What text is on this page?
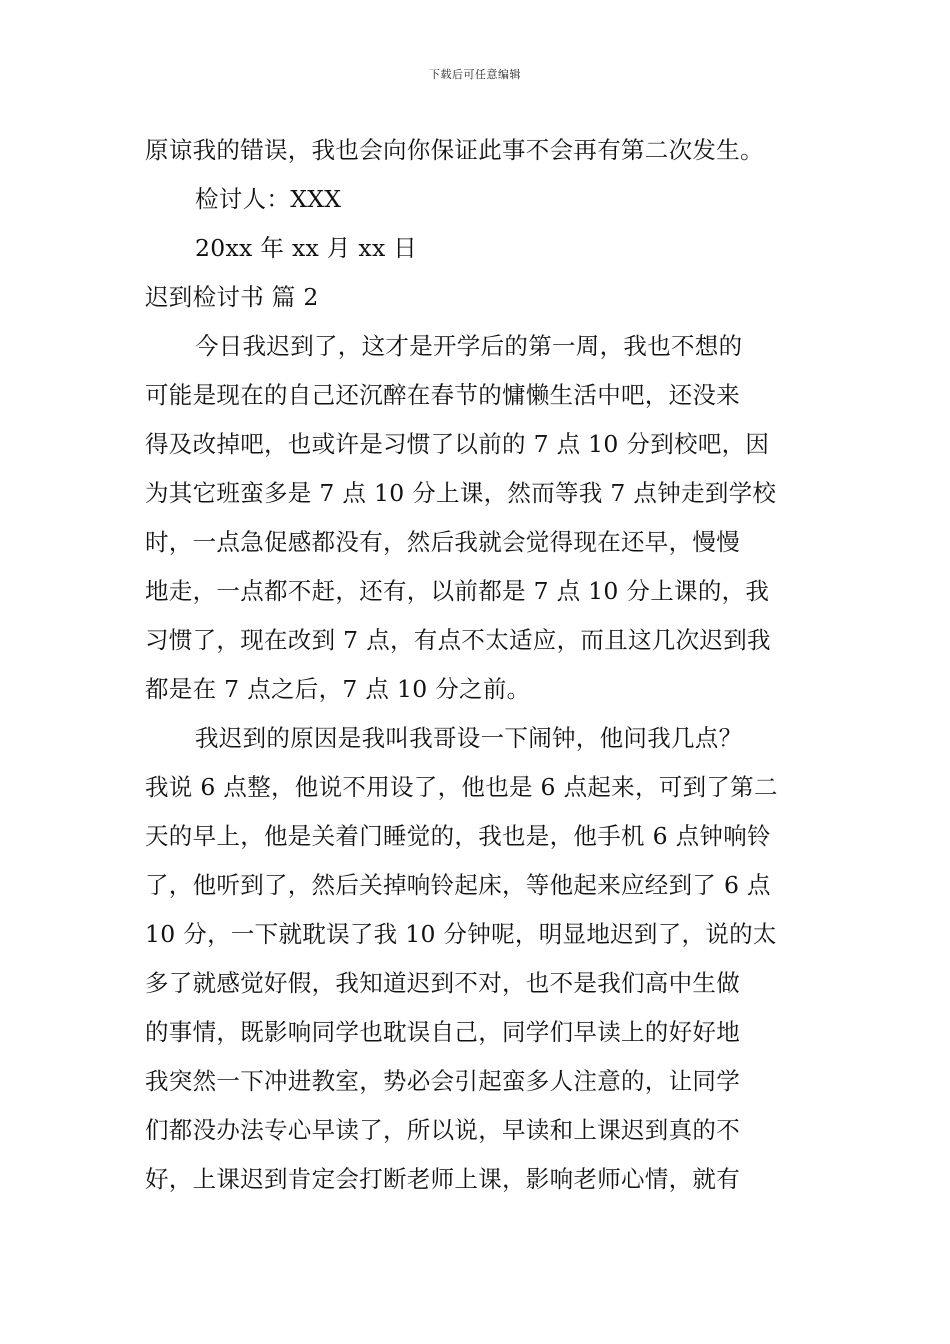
下载后可任意编辑
原谅我的错误，我也会向你保证此事不会再有第二次发生。
检讨人：XXX
20xx 年 xx 月 xx 日
迟到检讨书 篇 2
今日我迟到了，这才是开学后的第一周，我也不想的
可能是现在的自己还沉醉在春节的慵懒生活中吧，还没来
得及改掉吧，也或许是习惯了以前的 7 点 10 分到校吧，因
为其它班蛮多是 7 点 10 分上课，然而等我 7 点钟走到学校
时，一点急促感都没有，然后我就会觉得现在还早，慢慢
地走，一点都不赶，还有，以前都是 7 点 10 分上课的，我
习惯了，现在改到 7 点，有点不太适应，而且这几次迟到我
都是在 7 点之后，7 点 10 分之前。
我迟到的原因是我叫我哥设一下闹钟，他问我几点？
我说 6 点整，他说不用设了，他也是 6 点起来，可到了第二
天的早上，他是关着门睡觉的，我也是，他手机 6 点钟响铃
了，他听到了，然后关掉响铃起床，等他起来应经到了 6 点
10 分，一下就耽误了我 10 分钟呢，明显地迟到了，说的太
多了就感觉好假，我知道迟到不对，也不是我们高中生做
的事情，既影响同学也耽误自己，同学们早读上的好好地
我突然一下冲进教室，势必会引起蛮多人注意的，让同学
们都没办法专心早读了，所以说，早读和上课迟到真的不
好，上课迟到肯定会打断老师上课，影响老师心情，就有
